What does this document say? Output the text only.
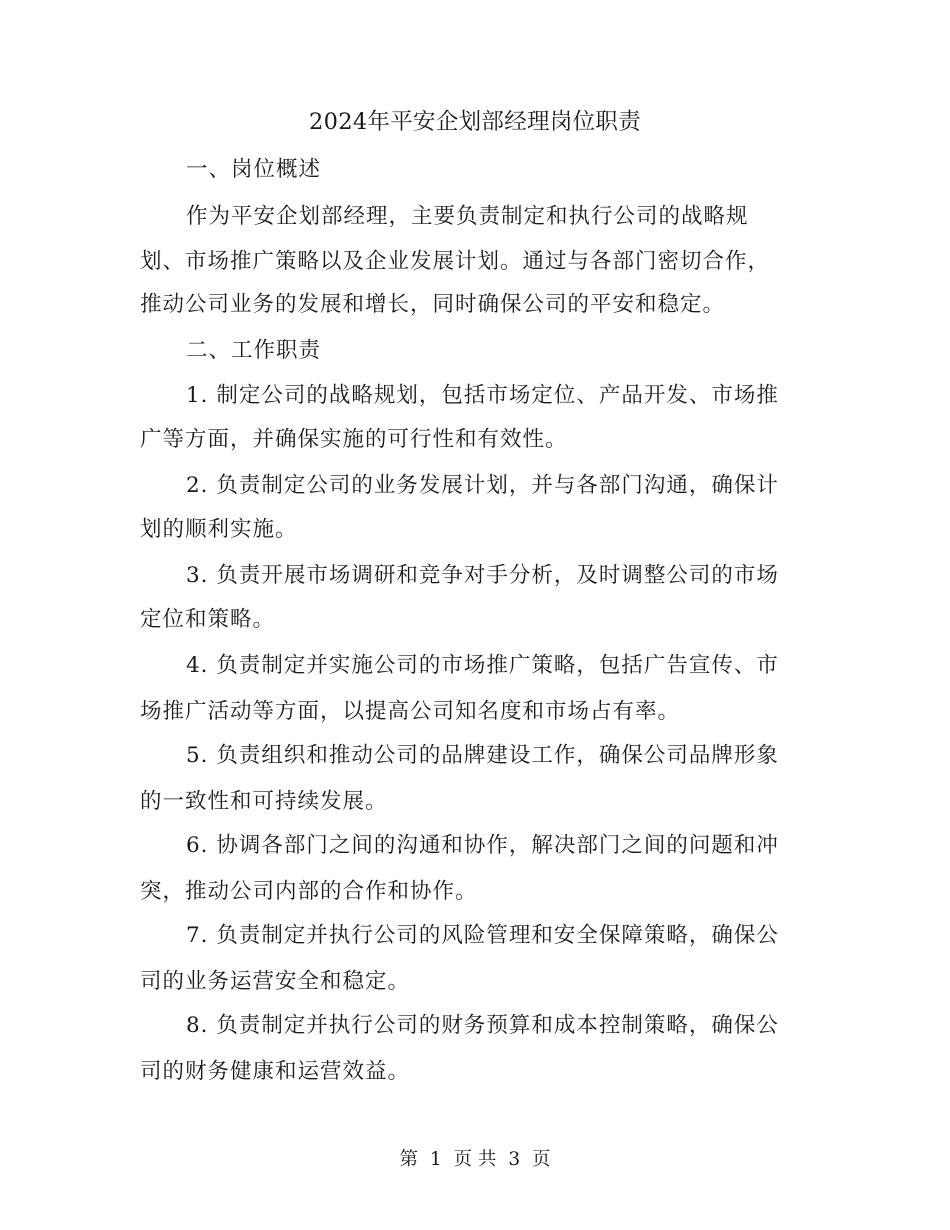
2024年平安企划部经理岗位职责
一、岗位概述
作为平安企划部经理，主要负责制定和执行公司的战略规
划、市场推广策略以及企业发展计划。通过与各部门密切合作，
推动公司业务的发展和增长，同时确保公司的平安和稳定。
二、工作职责
1. 制定公司的战略规划，包括市场定位、产品开发、市场推
广等方面，并确保实施的可行性和有效性。
2. 负责制定公司的业务发展计划，并与各部门沟通，确保计
划的顺利实施。
3. 负责开展市场调研和竞争对手分析，及时调整公司的市场
定位和策略。
4. 负责制定并实施公司的市场推广策略，包括广告宣传、市
场推广活动等方面，以提高公司知名度和市场占有率。
5. 负责组织和推动公司的品牌建设工作，确保公司品牌形象
的一致性和可持续发展。
6. 协调各部门之间的沟通和协作，解决部门之间的问题和冲
突，推动公司内部的合作和协作。
7. 负责制定并执行公司的风险管理和安全保障策略，确保公
司的业务运营安全和稳定。
8. 负责制定并执行公司的财务预算和成本控制策略，确保公
司的财务健康和运营效益。
第 1 页 共 3 页
